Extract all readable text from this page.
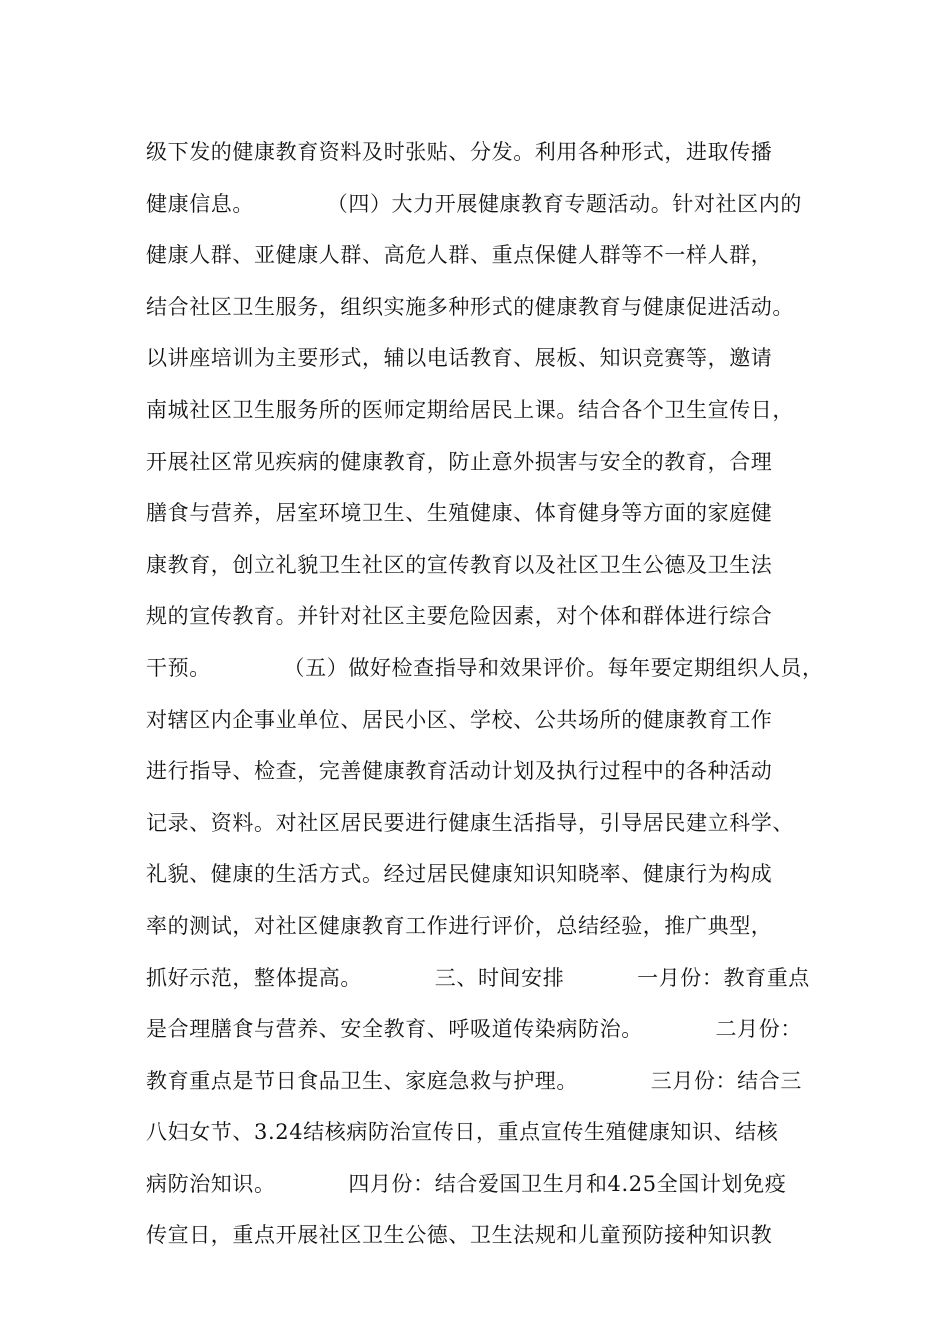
级下发的健康教育资料及时张贴、分发。利用各种形式，进取传播
健康信息。          （四）大力开展健康教育专题活动。针对社区内的
健康人群、亚健康人群、高危人群、重点保健人群等不一样人群，
结合社区卫生服务，组织实施多种形式的健康教育与健康促进活动。
以讲座培训为主要形式，辅以电话教育、展板、知识竞赛等，邀请
南城社区卫生服务所的医师定期给居民上课。结合各个卫生宣传日，
开展社区常见疾病的健康教育，防止意外损害与安全的教育，合理
膳食与营养，居室环境卫生、生殖健康、体育健身等方面的家庭健
康教育，创立礼貌卫生社区的宣传教育以及社区卫生公德及卫生法
规的宣传教育。并针对社区主要危险因素，对个体和群体进行综合
干预。          （五）做好检查指导和效果评价。每年要定期组织人员，
对辖区内企事业单位、居民小区、学校、公共场所的健康教育工作
进行指导、检查，完善健康教育活动计划及执行过程中的各种活动
记录、资料。对社区居民要进行健康生活指导，引导居民建立科学、
礼貌、健康的生活方式。经过居民健康知识知晓率、健康行为构成
率的测试，对社区健康教育工作进行评价，总结经验，推广典型，
抓好示范，整体提高。          三、时间安排          一月份：教育重点
是合理膳食与营养、安全教育、呼吸道传染病防治。          二月份：
教育重点是节日食品卫生、家庭急救与护理。          三月份：结合三
八妇女节、3.24结核病防治宣传日，重点宣传生殖健康知识、结核
病防治知识。          四月份：结合爱国卫生月和4.25全国计划免疫
传宣日，重点开展社区卫生公德、卫生法规和儿童预防接种知识教
